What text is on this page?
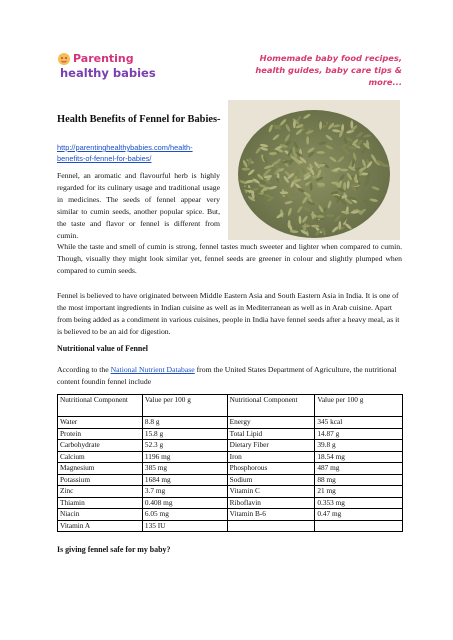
Parenting
healthy babies
Homemade baby food recipes,
health guides, baby care tips & more...
Health Benefits of Fennel for Babies-
http://parentinghealthybabies.com/health-benefits-of-fennel-for-babies/

Fennel, an aromatic and flavourful herb is highly regarded for its culinary usage and traditional usage in medicines. The seeds of fennel appear very similar to cumin seeds, another popular spice. But, the taste and flavor or fennel is different from cumin.

While the taste and smell of cumin is strong, fennel tastes much sweeter and lighter when compared to cumin. Though, visually they might look similar yet, fennel seeds are greener in colour and slightly plumped when compared to cumin seeds.

Fennel is believed to have originated between Middle Eastern Asia and South Eastern Asia in India. It is one of the most important ingredients in Indian cuisine as well as in Mediterranean as well as in Arab cuisine. Apart from being added as a condiment in various cuisines, people in India have fennel seeds after a heavy meal, as it is believed to be an aid for digestion.

Nutritional value of Fennel

According to the National Nutrient Database from the United States Department of Agriculture, the nutritional content foundin fennel include

Nutritional Component	Value per 100 g	Nutritional Component	Value per 100 g
Water	8.8 g	Energy	345 kcal
Protein	15.8 g	Total Lipid	14.87 g
Carbohydrate	52.3 g	Dietary Fiber	39.8 g
Calcium	1196 mg	Iron	18.54 mg
Magnesium	385 mg	Phosphorous	487 mg
Potassium	1684 mg	Sodium	88 mg
Zinc	3.7 mg	Vitamin C	21 mg
Thiamin	0.408 mg	Riboflavin	0.353 mg
Niacin	6.05 mg	Vitamin B-6	0.47 mg
Vitamin A	135 IU		
Is giving fennel safe for my baby?
